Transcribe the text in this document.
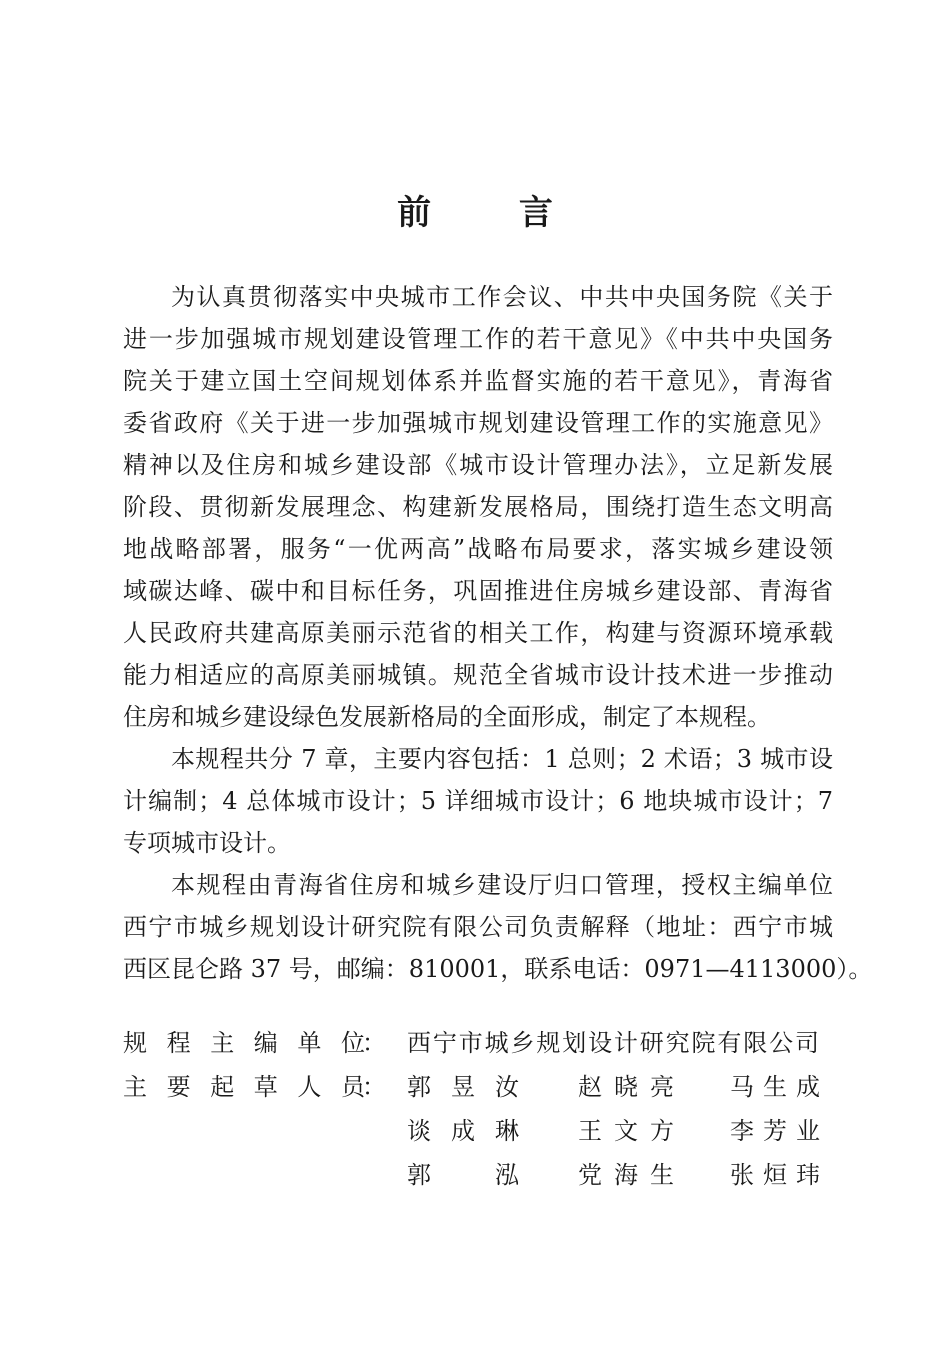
前 言
为认真贯彻落实中央城市工作会议、中共中央国务院《关于
进一步加强城市规划建设管理工作的若干意见》《中共中央国务
院关于建立国土空间规划体系并监督实施的若干意见》，青海省
委省政府《关于进一步加强城市规划建设管理工作的实施意见》
精神以及住房和城乡建设部《城市设计管理办法》，立足新发展
阶段、贯彻新发展理念、构建新发展格局，围绕打造生态文明高
地战略部署，服务“一优两高”战略布局要求，落实城乡建设领
域碳达峰、碳中和目标任务，巩固推进住房城乡建设部、青海省
人民政府共建高原美丽示范省的相关工作，构建与资源环境承载
能力相适应的高原美丽城镇。规范全省城市设计技术进一步推动
住房和城乡建设绿色发展新格局的全面形成，制定了本规程。
本规程共分 7 章，主要内容包括：1 总则；2 术语；3 城市设
计编制；4 总体城市设计；5 详细城市设计；6 地块城市设计；7
专项城市设计。
本规程由青海省住房和城乡建设厅归口管理，授权主编单位
西宁市城乡规划设计研究院有限公司负责解释（地址：西宁市城
西区昆仑路 37 号，邮编：810001，联系电话：0971—4113000）。
规程主编单位
： 西宁市城乡规划设计研究院有限公司
主要起草人员
： 郭昱汝 赵晓亮 马生成
谈成琳 王文方 李芳业
郭泓 党海生 张烜玮
